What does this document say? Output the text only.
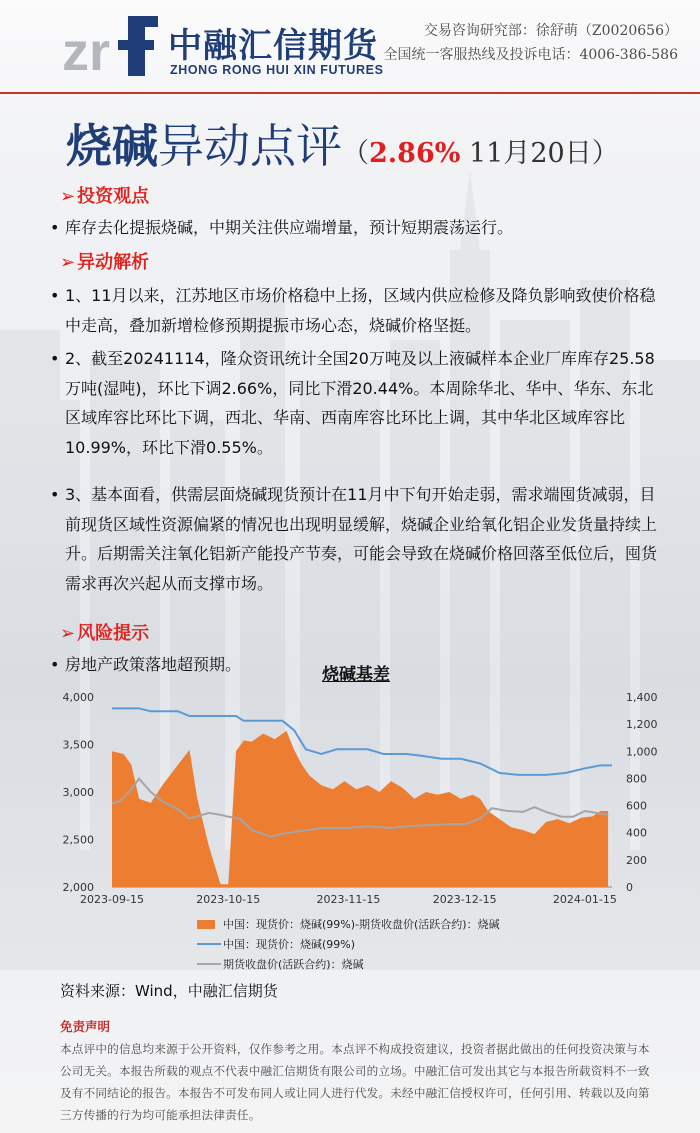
zr 中融汇信期货
ZHONG RONG HUI XIN FUTURES
交易咨询研究部：徐舒萌（Z0020656）
全国统一客服热线及投诉电话：4006-386-586
烧碱异动点评（2.86% 11月20日）
➢ 投资观点
• 库存去化提振烧碱，中期关注供应端增量，预计短期震荡运行。
➢ 异动解析
• 1、11月以来，江苏地区市场价格稳中上扬，区域内供应检修及降负影响致使价格稳中走高，叠加新增检修预期提振市场心态，烧碱价格坚挺。
• 2、截至20241114，隆众资讯统计全国20万吨及以上液碱样本企业厂库库存25.58万吨(湿吨)，环比下调2.66%，同比下滑20.44%。本周除华北、华中、华东、东北区域库容比环比下调，西北、华南、西南库容比环比上调，其中华北区域库容比10.99%，环比下滑0.55%。
• 3、基本面看，供需层面烧碱现货预计在11月中下旬开始走弱，需求端囤货减弱，目前现货区域性资源偏紧的情况也出现明显缓解，烧碱企业给氧化铝企业发货量持续上升。后期需关注氧化铝新产能投产节奏，可能会导致在烧碱价格回落至低位后，囤货需求再次兴起从而支撑市场。
➢ 风险提示
• 房地产政策落地超预期。
烧碱基差
4,000
3,500
3,000
2,500
2,000
1,400
1,200
1,000
800
600
400
200
0
2023-09-15	2023-10-15	2023-11-15	2023-12-15	2024-01-15
中国：现货价：烧碱(99%)-期货收盘价(活跃合约)：烧碱
中国：现货价：烧碱(99%)
期货收盘价(活跃合约)：烧碱
资料来源：Wind，中融汇信期货
免责声明
本点评中的信息均来源于公开资料，仅作参考之用。本点评不构成投资建议，投资者据此做出的任何投资决策与本公司无关。本报告所载的观点不代表中融汇信期货有限公司的立场。中融汇信可发出其它与本报告所载资料不一致及有不同结论的报告。本报告不可发布同人或让同人进行代发。未经中融汇信授权许可，任何引用、转载以及向第三方传播的行为均可能承担法律责任。
